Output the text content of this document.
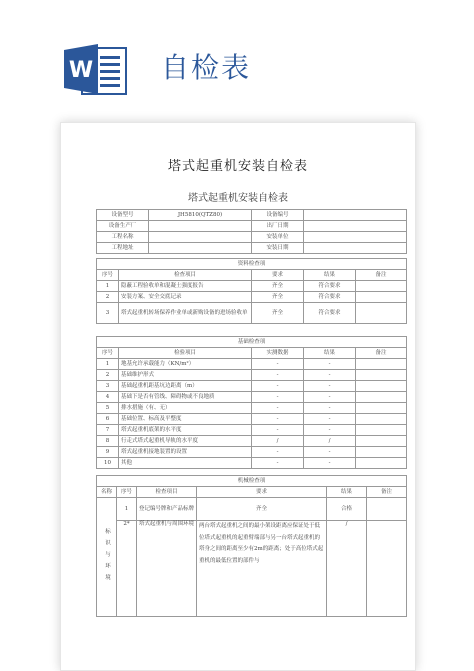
W 自检表
塔式起重机安装自检表
塔式起重机安装自检表
设备型号	JH5810(QTZ80)	设备编号	
设备生产厂		出厂日期	
工程名称		安装单位	
工程地址		安装日期	
资料检查项				
序号	检查项目	要求	结果	备注
1	隐蔽工程验收单和混凝土强度报告	齐全	符合要求	
2	安装方案、安全交底记录	齐全	符合要求	
3	塔式起重机转场保养作业单或新购设备的进场验收单	齐全	符合要求	
基础检查项				
序号	检验项目	实测数据	结果	备注
1	地基允许承载能力（KN/m²）	-	-	
2	基础维护形式	-	-	
3	基础起重机距基坑边距离（m）	-	-	
4	基础下是否有管线、障碍物或不良地质	-	-	
5	排水措施（有、无）	-	-	
6	基础位置、标高及平整度	-	-	
7	塔式起重机底架的水平度	-	-	
8	行走式塔式起重机导轨的水平度	/	/	
9	塔式起重机接地装置的设置	-	-	
10	其他	-	-	
机械检查项					
名称	序号	检查项目	要求	结果	备注
标识与环境	1	登记编号牌和产品标牌	齐全	合格	
	2*	塔式起重机与周围环境	两台塔式起重机之间的最小架设距离应保证处于低位塔式起重机的起重臂端部与另一台塔式起重机的塔身之间的距离至少有2m的距离；处于高位塔式起重机的最低位置的部件与	/	
